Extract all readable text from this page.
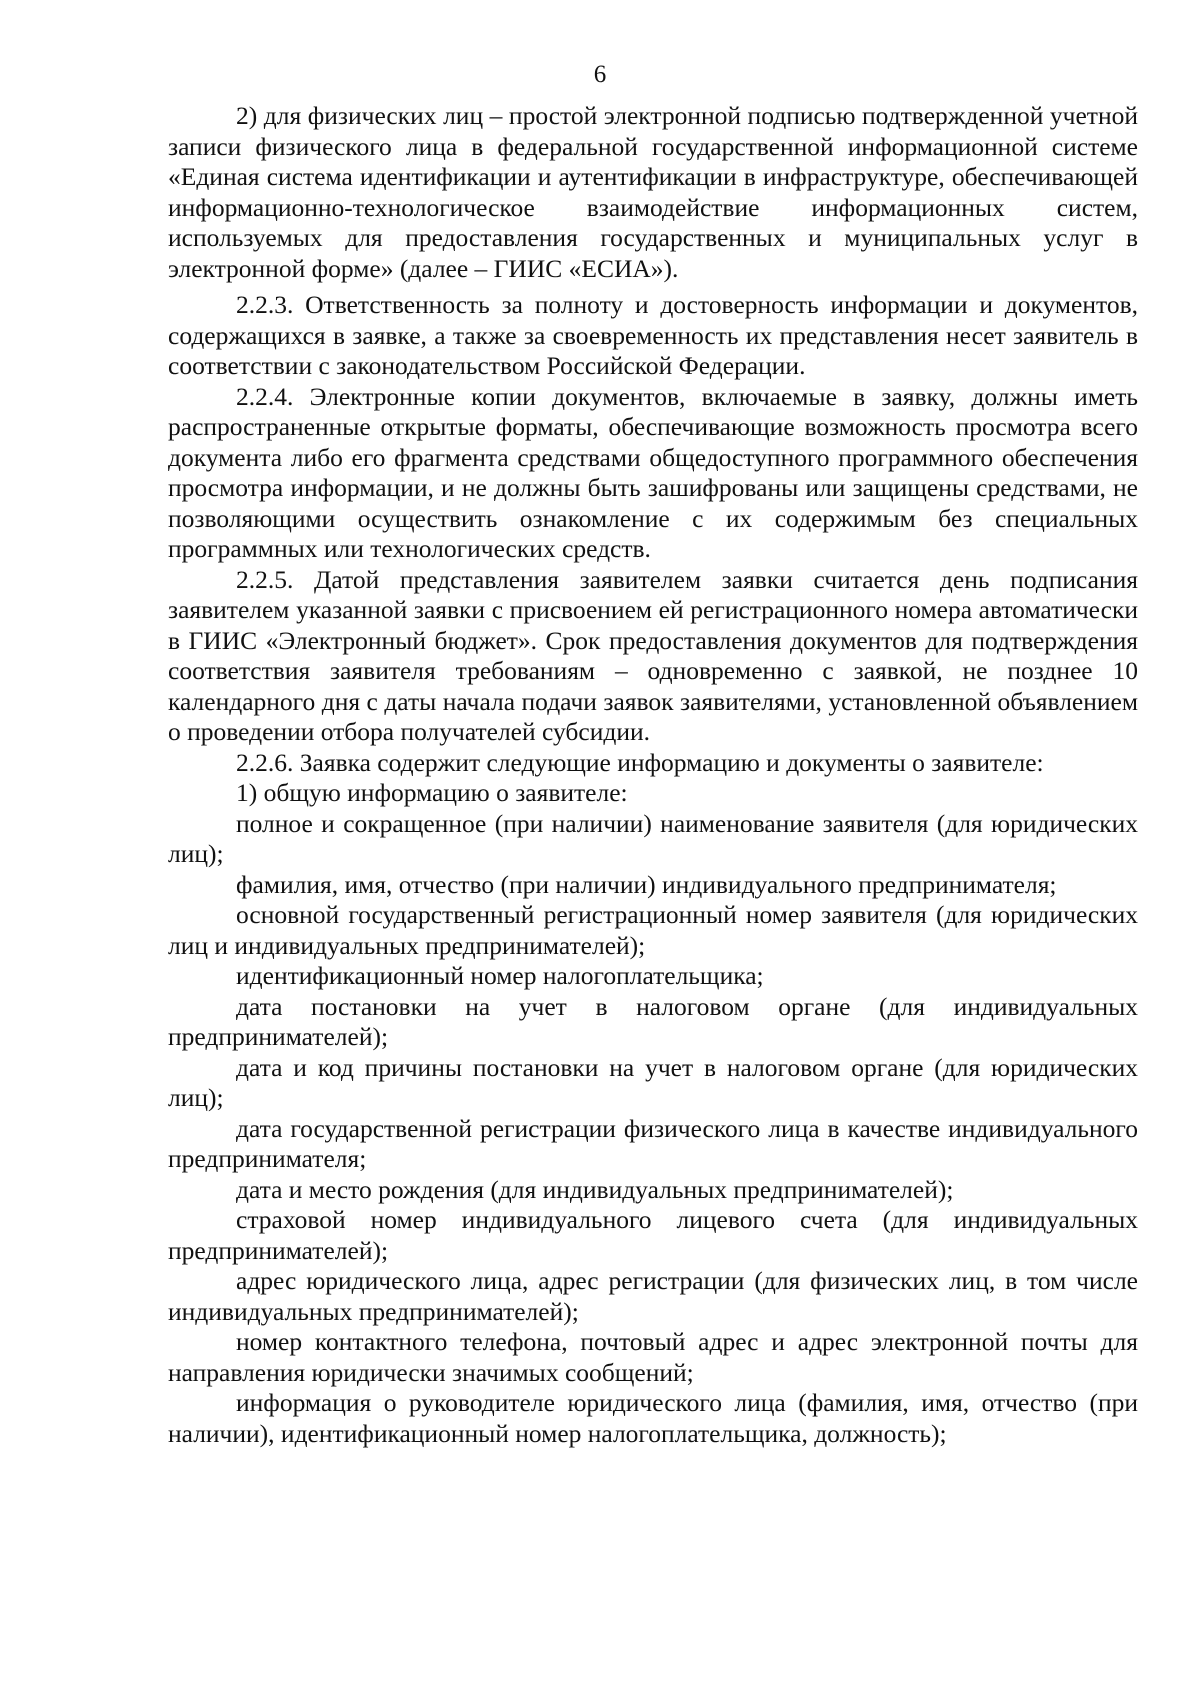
6

2) для физических лиц – простой электронной подписью подтвержденной учетной записи физического лица в федеральной государственной информационной системе «Единая система идентификации и аутентификации в инфраструктуре, обеспечивающей информационно-технологическое взаимодействие информационных систем, используемых для предоставления государственных и муниципальных услуг в электронной форме» (далее – ГИИС «ЕСИА»).

2.2.3. Ответственность за полноту и достоверность информации и документов, содержащихся в заявке, а также за своевременность их представления несет заявитель в соответствии с законодательством Российской Федерации.

2.2.4. Электронные копии документов, включаемые в заявку, должны иметь распространенные открытые форматы, обеспечивающие возможность просмотра всего документа либо его фрагмента средствами общедоступного программного обеспечения просмотра информации, и не должны быть зашифрованы или защищены средствами, не позволяющими осуществить ознакомление с их содержимым без специальных программных или технологических средств.

2.2.5. Датой представления заявителем заявки считается день подписания заявителем указанной заявки с присвоением ей регистрационного номера автоматически в ГИИС «Электронный бюджет». Срок предоставления документов для подтверждения соответствия заявителя требованиям – одновременно с заявкой, не позднее 10 календарного дня с даты начала подачи заявок заявителями, установленной объявлением о проведении отбора получателей субсидии.

2.2.6. Заявка содержит следующие информацию и документы о заявителе:

1) общую информацию о заявителе:

полное и сокращенное (при наличии) наименование заявителя (для юридических лиц);

фамилия, имя, отчество (при наличии) индивидуального предпринимателя;

основной государственный регистрационный номер заявителя (для юридических лиц и индивидуальных предпринимателей);

идентификационный номер налогоплательщика;

дата постановки на учет в налоговом органе (для индивидуальных предпринимателей);

дата и код причины постановки на учет в налоговом органе (для юридических лиц);

дата государственной регистрации физического лица в качестве индивидуального предпринимателя;

дата и место рождения (для индивидуальных предпринимателей);

страховой номер индивидуального лицевого счета (для индивидуальных предпринимателей);

адрес юридического лица, адрес регистрации (для физических лиц, в том числе индивидуальных предпринимателей);

номер контактного телефона, почтовый адрес и адрес электронной почты для направления юридически значимых сообщений;

информация о руководителе юридического лица (фамилия, имя, отчество (при наличии), идентификационный номер налогоплательщика, должность);
